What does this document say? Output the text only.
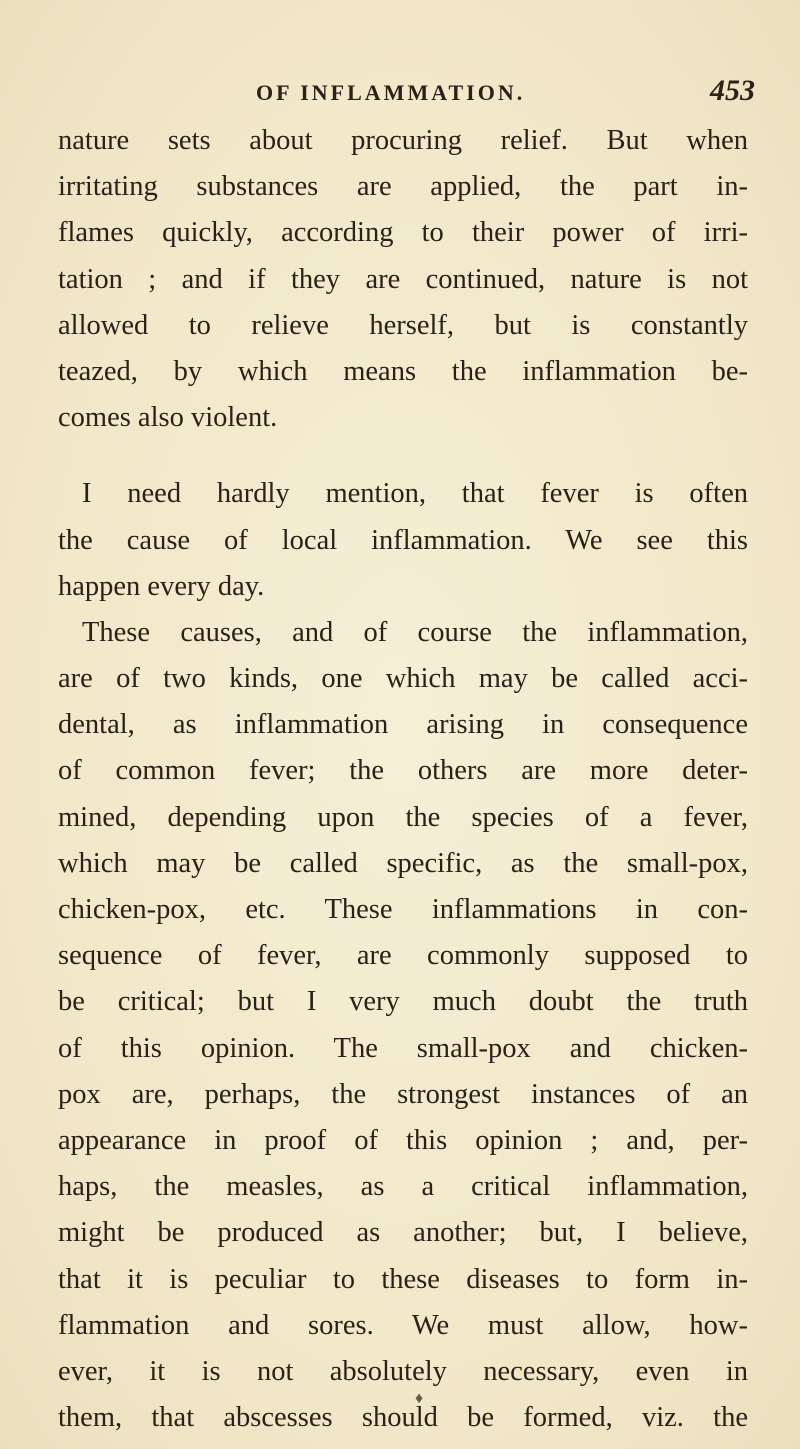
OF INFLAMMATION.	453
nature sets about procuring relief. But when
irritating substances are applied, the part in-
flames quickly, according to their power of irri-
tation ; and if they are continued, nature is not
allowed to relieve herself, but is constantly
teazed, by which means the inflammation be-
comes also violent.
I need hardly mention, that fever is often
the cause of local inflammation. We see this
happen every day.
These causes, and of course the inflammation,
are of two kinds, one which may be called acci-
dental, as inflammation arising in consequence
of common fever; the others are more deter-
mined, depending upon the species of a fever,
which may be called specific, as the small-pox,
chicken-pox, etc. These inflammations in con-
sequence of fever, are commonly supposed to
be critical; but I very much doubt the truth
of this opinion. The small-pox and chicken-
pox are, perhaps, the strongest instances of an
appearance in proof of this opinion ; and, per-
haps, the measles, as a critical inflammation,
might be produced as another; but, I believe,
that it is peculiar to these diseases to form in-
flammation and sores. We must allow, how-
ever, it is not absolutely necessary, even in
them, that abscesses should be formed, viz. the
♦
